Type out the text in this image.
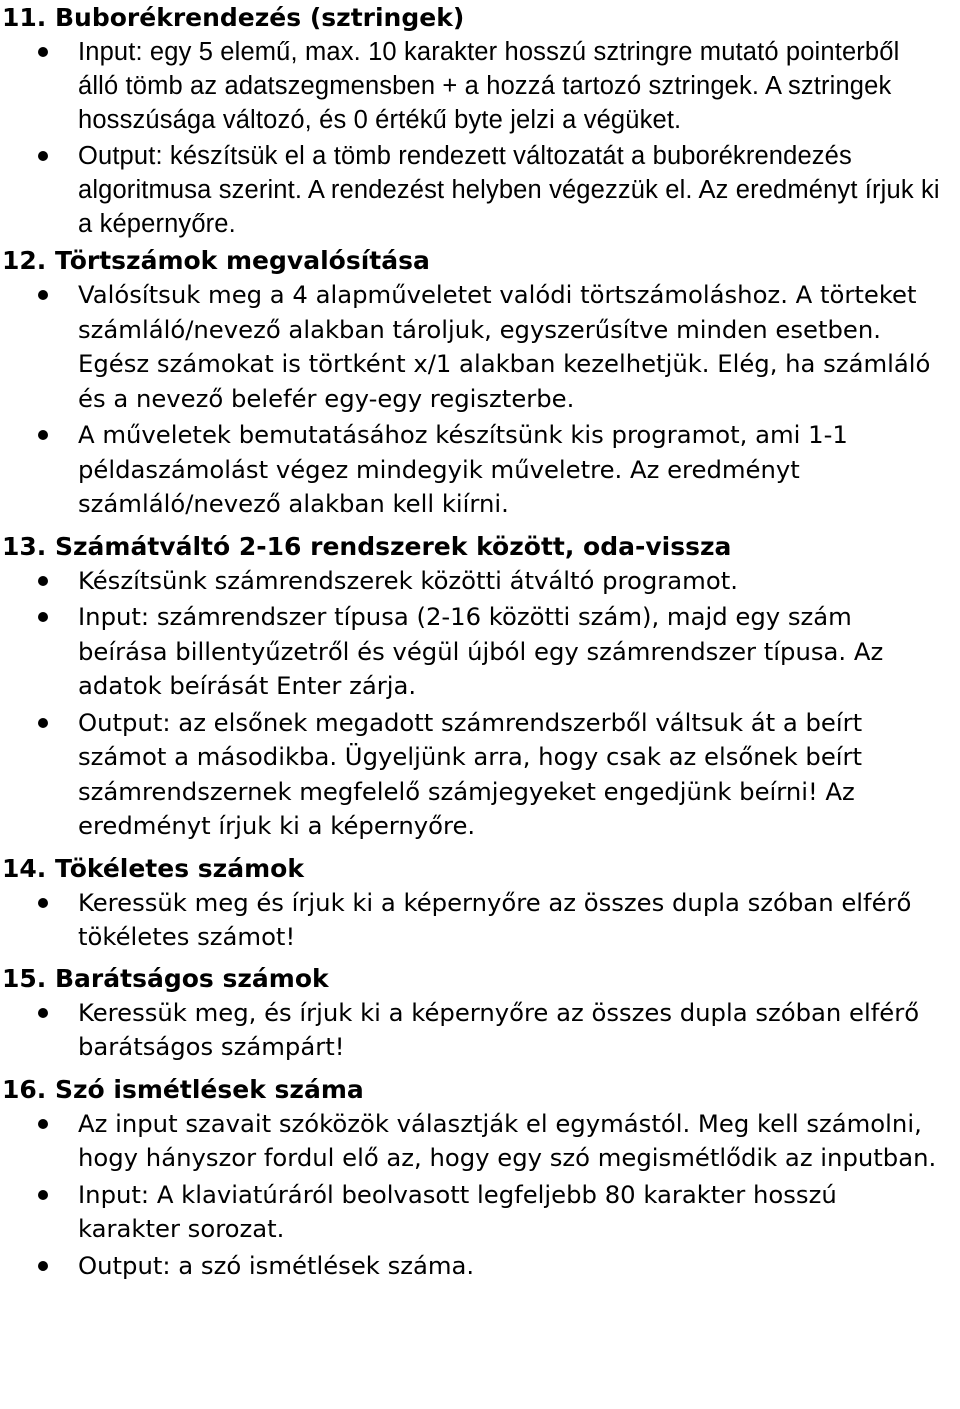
11. Buborékrendezés (sztringek)
Input: egy 5 elemű, max. 10 karakter hosszú sztringre mutató pointerből álló tömb az adatszegmensben + a hozzá tartozó sztringek. A sztringek hosszúsága változó, és 0 értékű byte jelzi a végüket.
Output: készítsük el a tömb rendezett változatát a buborékrendezés algoritmusa szerint. A rendezést helyben végezzük el. Az eredményt írjuk ki a képernyőre.
12. Törtszámok megvalósítása
Valósítsuk meg a 4 alapműveletet valódi törtszámoláshoz. A törteket számláló/nevező alakban tároljuk, egyszerűsítve minden esetben. Egész számokat is törtként x/1 alakban kezelhetjük. Elég, ha számláló és a nevező belefér egy-egy regiszterbe.
A műveletek bemutatásához készítsünk kis programot, ami 1-1 példaszámolást végez mindegyik műveletre. Az eredményt számláló/nevező alakban kell kiírni.
13. Számátváltó 2-16 rendszerek között, oda-vissza
Készítsünk számrendszerek közötti átváltó programot.
Input: számrendszer típusa (2-16 közötti szám), majd egy szám beírása billentyűzetről és végül újból egy számrendszer típusa. Az adatok beírását Enter zárja.
Output: az elsőnek megadott számrendszerből váltsuk át a beírt számot a másodikba. Ügyeljünk arra, hogy csak az elsőnek beírt számrendszernek megfelelő számjegyeket engedjünk beírni! Az eredményt írjuk ki a képernyőre.
14. Tökéletes számok
Keressük meg és írjuk ki a képernyőre az összes dupla szóban elférő tökéletes számot!
15. Barátságos számok
Keressük meg, és írjuk ki a képernyőre az összes dupla szóban elférő barátságos számpárt!
16. Szó ismétlések száma
Az input szavait szóközök választják el egymástól. Meg kell számolni, hogy hányszor fordul elő az, hogy egy szó megismétlődik az inputban.
Input: A klaviatúráról beolvasott legfeljebb 80 karakter hosszú karakter sorozat.
Output: a szó ismétlések száma.
